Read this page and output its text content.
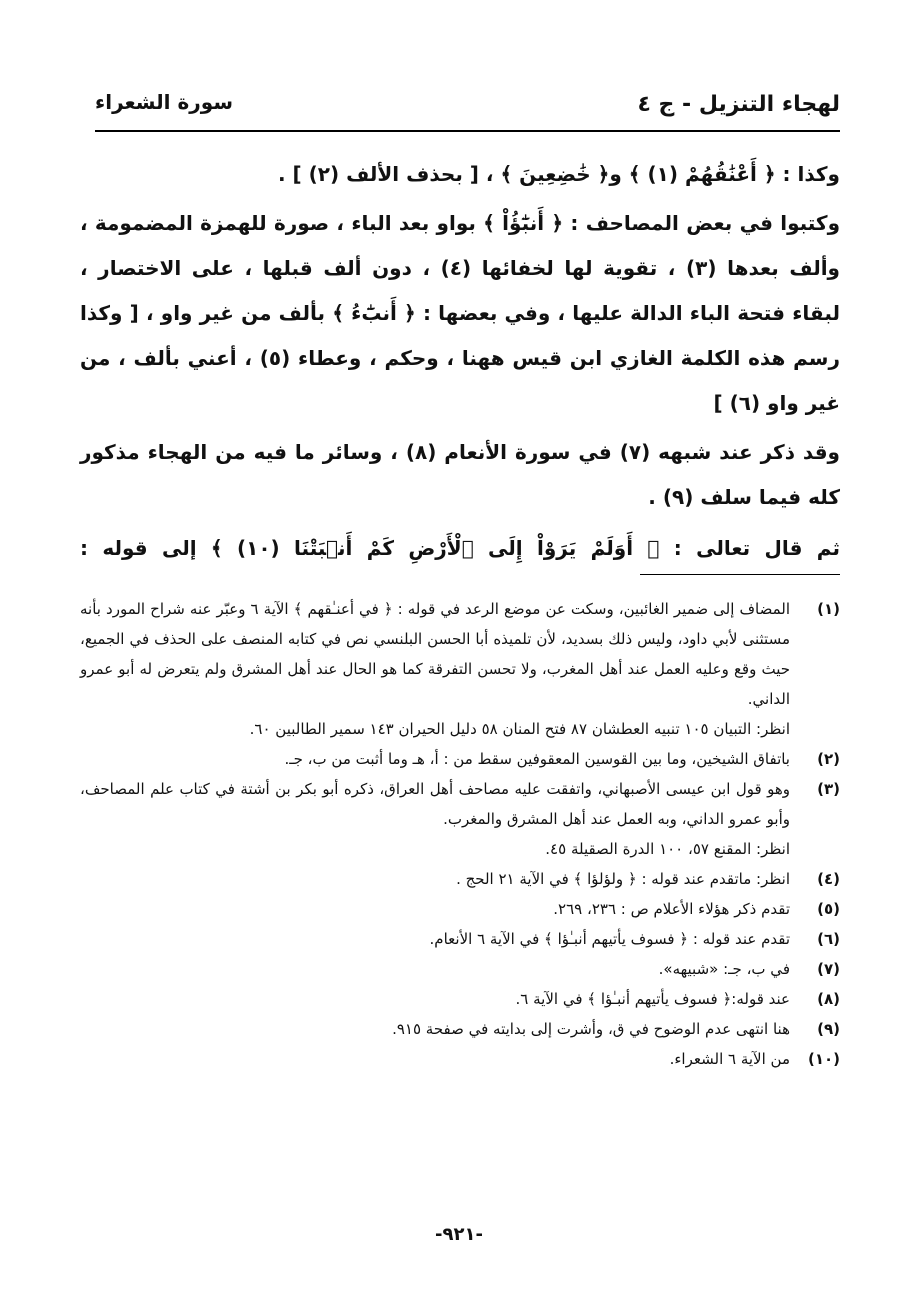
لهجاء التنزيل - ج ٤
سورة الشعراء

وكذا : ﴿ أَعْنَٰقُهُمْ (١) ﴾ و﴿ خَٰضِعِينَ ﴾ ، [ بحذف الألف (٢) ] .

وكتبوا في بعض المصاحف : ﴿ أَنبَٰٓؤُاْ ﴾ بواو بعد الباء ، صورة للهمزة المضمومة ، وألف بعدها (٣) ، تقوية لها لخفائها (٤) ، دون ألف قبلها ، على الاختصار ، لبقاء فتحة الباء الدالة عليها ، وفي بعضها : ﴿ أَنبَٰٓءُ ﴾ بألف من غير واو ، [ وكذا رسم هذه الكلمة الغازي ابن قيس ههنا ، وحكم ، وعطاء (٥) ، أعني بألف ، من غير واو (٦) ]

وقد ذكر عند شبهه (٧) في سورة الأنعام (٨) ، وسائر ما فيه من الهجاء مذكور كله فيما سلف (٩) .

ثم قال تعالى : ﴿ أَوَلَمْ يَرَوْاْ إِلَى ٱلْأَرْضِ كَمْ أَنۢبَتْنَا (١٠) ﴾ إلى قوله :

(١)
المضاف إلى ضمير الغائبين، وسكت عن موضع الرعد في قوله : ﴿ في أعنـٰقهم ﴾ الآية ٦ وعبّر عنه شراح المورد بأنه مستثنى لأبي داود، وليس ذلك بسديد، لأن تلميذه أبا الحسن البلنسي نص في كتابه المنصف على الحذف في الجميع، حيث وقع وعليه العمل عند أهل المغرب، ولا تحسن التفرقة كما هو الحال عند أهل المشرق ولم يتعرض له أبو عمرو الداني.
انظر: التبيان ١٠٥ تنبيه العطشان ٨٧ فتح المنان ٥٨ دليل الحيران ١٤٣ سمير الطالبين ٦٠.
(٢)
باتفاق الشيخين، وما بين القوسين المعقوفين سقط من : أ، هـ وما أثبت من ب، جـ.
(٣)
وهو قول ابن عيسى الأصبهاني، واتفقت عليه مصاحف أهل العراق، ذكره أبو بكر بن أشتة في كتاب علم المصاحف، وأبو عمرو الداني، وبه العمل عند أهل المشرق والمغرب.
انظر: المقنع ٥٧، ١٠٠ الدرة الصقيلة ٤٥.
(٤)
انظر: ماتقدم عند قوله : ﴿ ولؤلؤا ﴾ في الآية ٢١ الحج .
(٥)
تقدم ذكر هؤلاء الأعلام ص : ٢٣٦، ٢٦٩.
(٦)
تقدم عند قوله : ﴿ فسوف يأتيهم أنبـٰؤا ﴾ في الآية ٦ الأنعام.
(٧)
في ب، جـ: «شبيهه».
(٨)
عند قوله:﴿ فسوف يأتيهم أنبـٰؤا ﴾ في الآية ٦.
(٩)
هنا انتهى عدم الوضوح في ق، وأشرت إلى بدايته في صفحة ٩١٥.
(١٠)
من الآية ٦ الشعراء.
-٩٢١-
